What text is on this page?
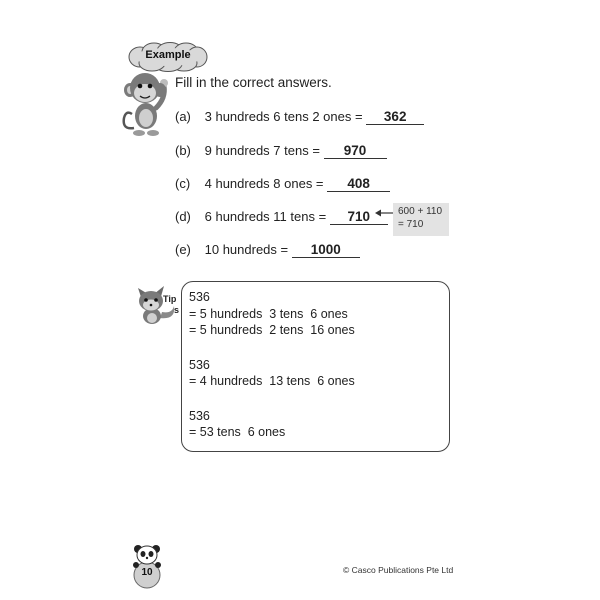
Example
Fill in the correct answers.
(a) 3 hundreds 6 tens 2 ones = 362
(b) 9 hundreds 7 tens = 970
(c) 4 hundreds 8 ones = 408
(d) 6 hundreds 11 tens = 710	600 + 110
= 710
(e) 10 hundreds = 1000
Tip
s
536
= 5 hundreds  3 tens  6 ones
= 5 hundreds  2 tens  16 ones
536
= 4 hundreds  13 tens  6 ones
536
= 53 tens  6 ones
10	© Casco Publications Pte Ltd
